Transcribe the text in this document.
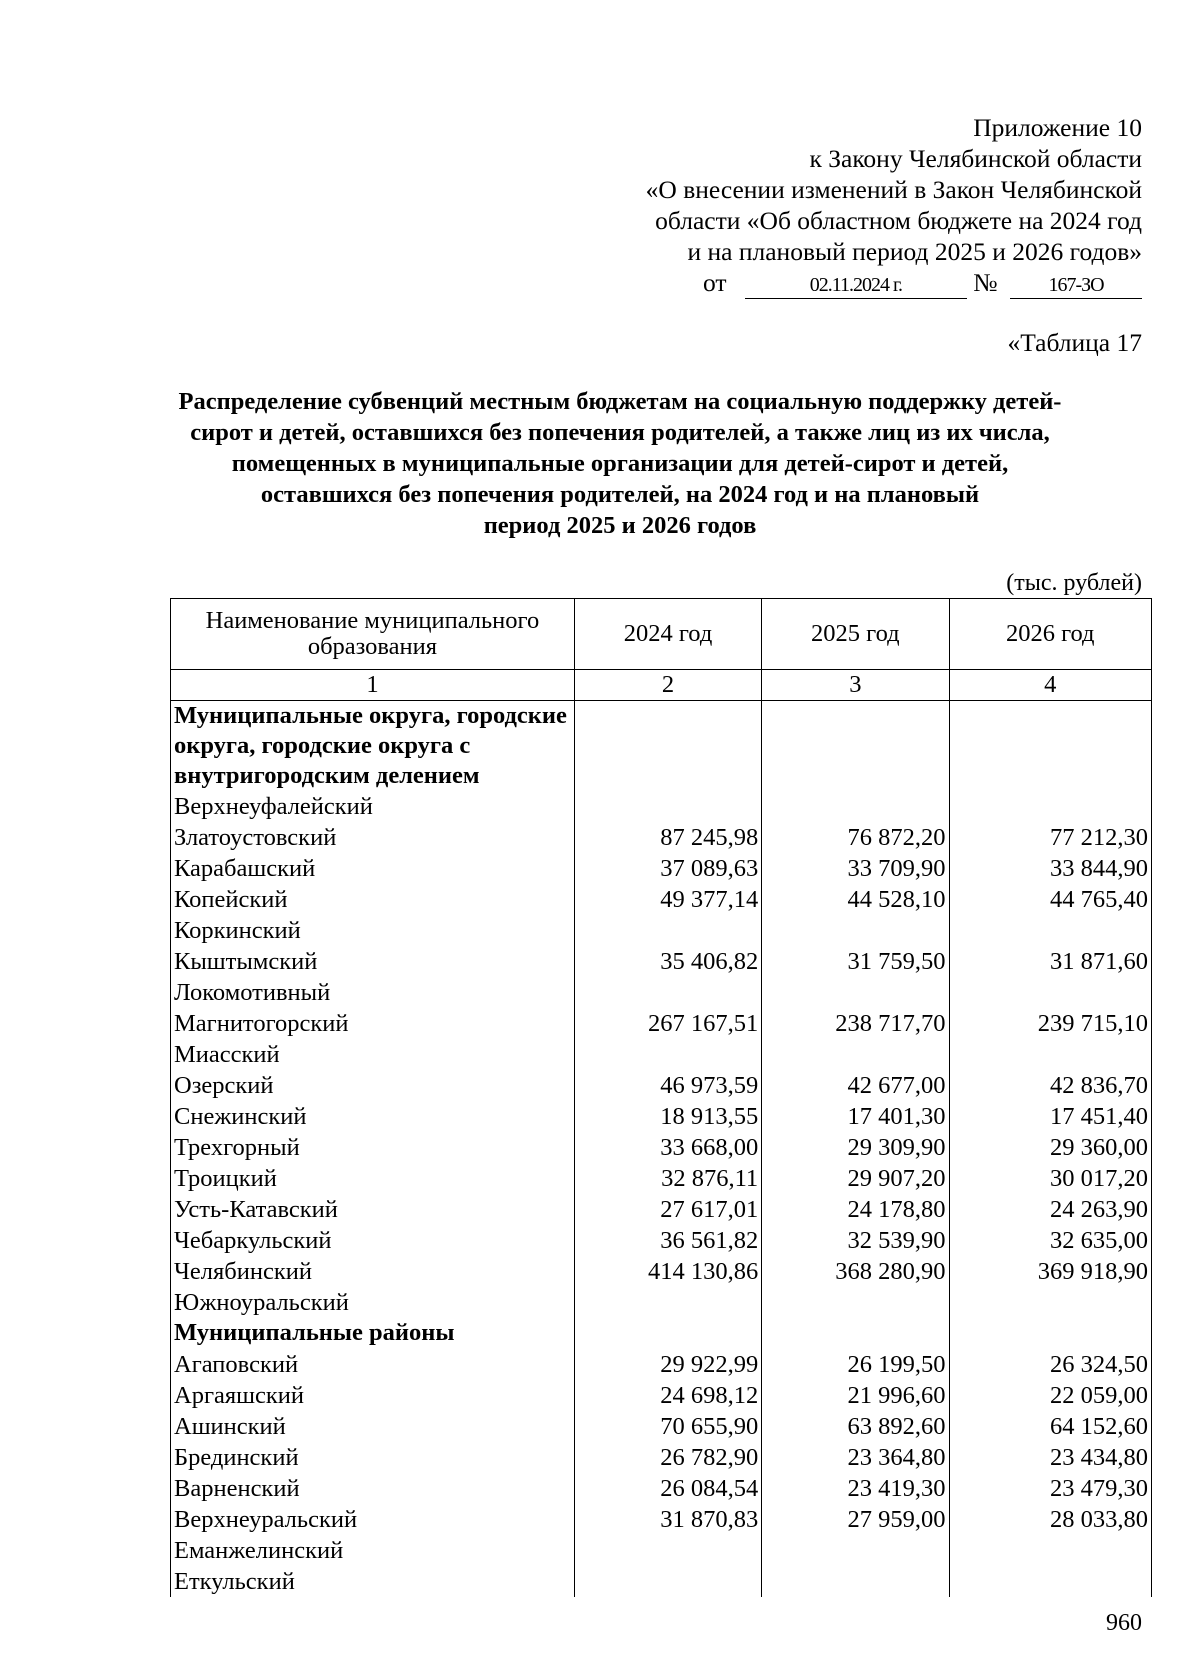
Приложение 10
к Закону Челябинской области
«О внесении изменений в Закон Челябинской
области «Об областном бюджете на 2024 год
и на плановый период 2025 и 2026 годов»
от	02.11.2024 г.	№	167-ЗО
«Таблица 17
Распределение субвенций местным бюджетам на социальную поддержку детей-
сирот и детей, оставшихся без попечения родителей, а также лиц из их числа,
помещенных в муниципальные организации для детей-сирот и детей,
оставшихся без попечения родителей, на 2024 год и на плановый
период 2025 и 2026 годов
(тыс. рублей)
Наименование муниципального образования	2024 год	2025 год	2026 год
1	2	3	4
Муниципальные округа, городские округа, городские округа с внутригородским делением			
Верхнеуфалейский			
Златоустовский	87 245,98	76 872,20	77 212,30
Карабашский	37 089,63	33 709,90	33 844,90
Копейский	49 377,14	44 528,10	44 765,40
Коркинский			
Кыштымский	35 406,82	31 759,50	31 871,60
Локомотивный			
Магнитогорский	267 167,51	238 717,70	239 715,10
Миасский			
Озерский	46 973,59	42 677,00	42 836,70
Снежинский	18 913,55	17 401,30	17 451,40
Трехгорный	33 668,00	29 309,90	29 360,00
Троицкий	32 876,11	29 907,20	30 017,20
Усть-Катавский	27 617,01	24 178,80	24 263,90
Чебаркульский	36 561,82	32 539,90	32 635,00
Челябинский	414 130,86	368 280,90	369 918,90
Южноуральский			
Муниципальные районы			
Агаповский	29 922,99	26 199,50	26 324,50
Аргаяшский	24 698,12	21 996,60	22 059,00
Ашинский	70 655,90	63 892,60	64 152,60
Брединский	26 782,90	23 364,80	23 434,80
Варненский	26 084,54	23 419,30	23 479,30
Верхнеуральский	31 870,83	27 959,00	28 033,80
Еманжелинский			
Еткульский			
960
